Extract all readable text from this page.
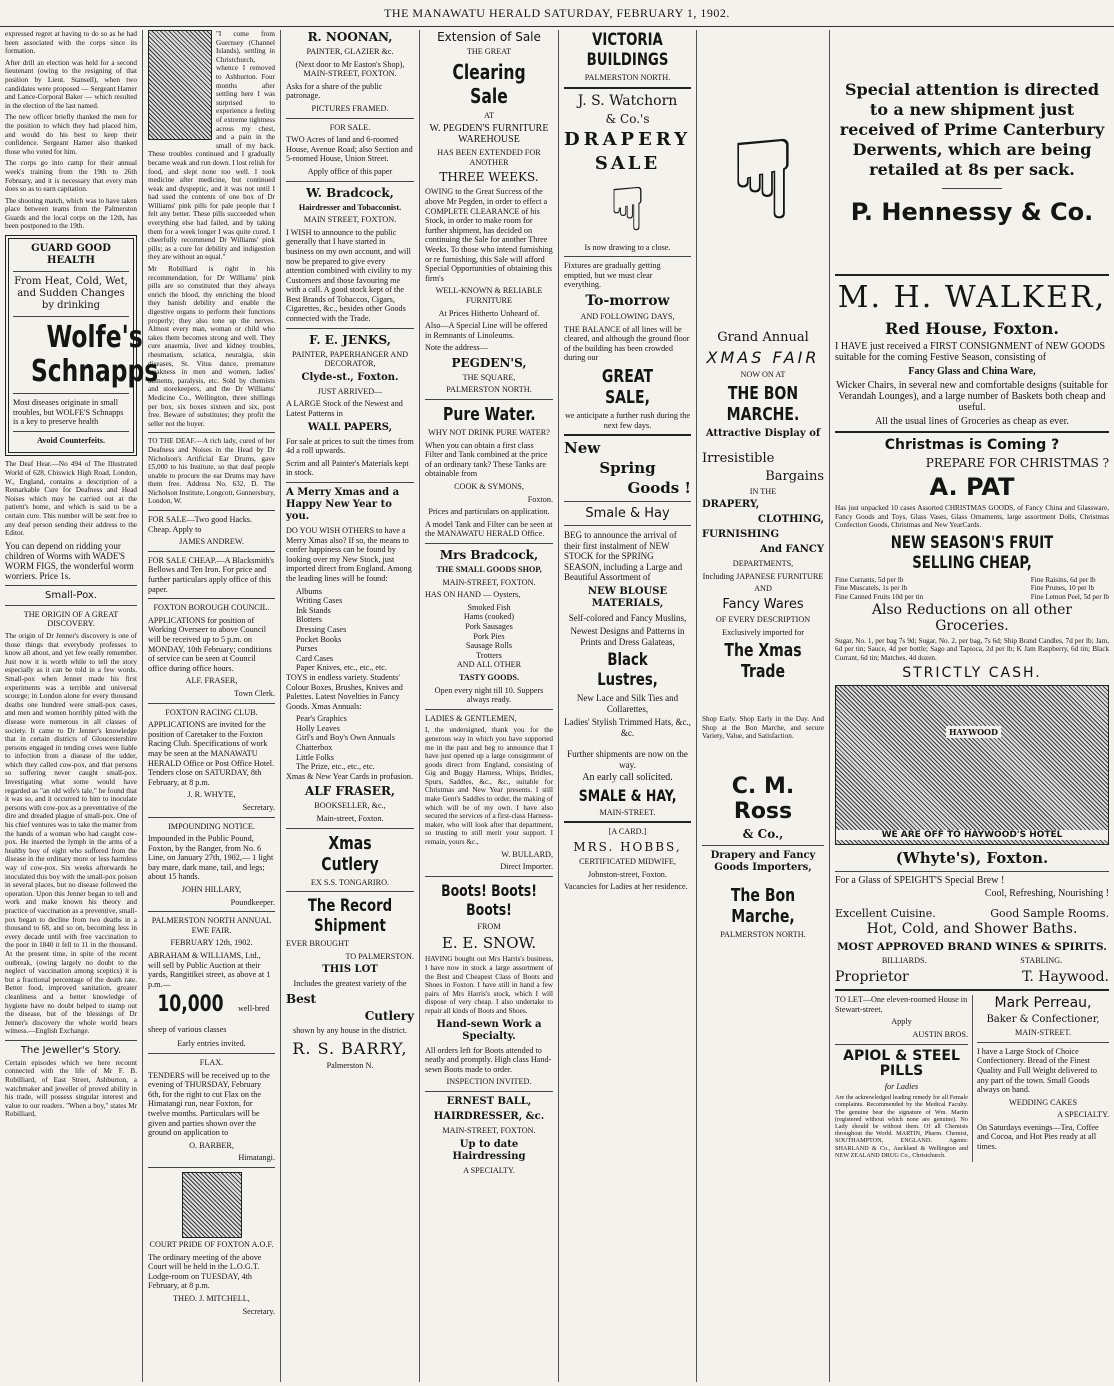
THE MANAWATU HERALD SATURDAY, FEBRUARY 1, 1902.

expressed regret at having to do so as he had been associated with the corps since its formation.

After drill an election was held for a second lieutenant (owing to the resigning of that position by Lieut. Stansell), when two candidates were proposed — Sergeant Hamer and Lance-Corporal Baker — which resulted in the election of the last named.

The new officer briefly thanked the men for the position to which they had placed him, and would do his best to keep their confidence. Sergeant Hamer also thanked those who voted for him.

The corps go into camp for their annual week's training from the 19th to 26th February, and it is necessary that every man does so as to earn capitation.

The shooting match, which was to have taken place between teams from the Palmerston Guards and the local corps on the 12th, has been postponed to the 19th.

GUARD GOOD HEALTH

From Heat, Cold, Wet, and Sudden Changes by drinking

Wolfe's Schnapps

Most diseases originate in small troubles, but WOLFE'S Schnapps is a key to preserve health

Avoid Counterfeits.

The Deaf Hear.—No 494 of The Illustrated World of 628, Chiswick High Road, London, W., England, contains a description of a Remarkable Cure for Deafness and Head Noises which may be carried out at the patient's home, and which is said to be a certain cure. This number will be sent free to any deaf person sending their address to the Editor.

You can depend on ridding your children of Worms with WADE'S WORM FIGS, the wonderful worm worriers. Price 1s.

Small-Pox.

THE ORIGIN OF A GREAT DISCOVERY.

The origin of Dr Jenner's discovery is one of those things that everybody professes to know all about, and yet few really remember. Just now it is worth while to tell the story especially as it can be told in a few words. Small-pox when Jenner made his first experiments was a terrible and universal scourge; in London alone for every thousand deaths one hundred were small-pox cases, and men and women horribly pitted with the disease were numerous in all classes of society. It came to Dr Jenner's knowledge that in certain districts of Gloucestershire persons engaged in tending cows were liable to infection from a disease of the udder, which they called cow-pox, and that persons so suffering never caught small-pox. Investigating what some would have regarded as "an old wife's tale," he found that it was so, and it occurred to him to inoculate persons with cow-pox as a preventative of the dire and dreaded plague of small-pox. One of his chief ventures was to take the matter from the hands of a woman who had caught cow-pox. He inserted the lymph in the arms of a healthy boy of eight who suffered from the disease in the ordinary more or less harmless way of cow-pox. Six weeks afterwards he inoculated this boy with the small-pox poison in several places, but no disease followed the operation. Upon this Jenner began to tell and work and make known his theory and practice of vaccination as a preventive, small-pox began to decline from two deaths in a thousand to 68, and so on, becoming less in every decade until with free vaccination to the poor in 1840 it fell to 11 in the thousand. At the present time, in spite of the recent outbreak, (owing largely no doubt to the neglect of vaccination among sceptics) it is but a fractional percentage of the death rate. Better food, improved sanitation, greater cleanliness and a better knowledge of hygiene have no doubt helped to stamp out the disease, but of the blessings of Dr Jenner's discovery the whole world bears witness.—English Exchange.

The Jeweller's Story.

Certain episodes which we here recount connected with the life of Mr F. B. Robilliard, of East Street, Ashburton, a watchmaker and jeweller of proved ability in his trade, will possess singular interest and value to our readers. "When a boy," states Mr Robilliard,

"I come from Guernsey (Channel Islands), settling in Christchurch, whence I removed to Ashburton. Four months after settling here I was surprised to experience a feeling of extreme tightness across my chest, and a pain in the small of my back. These troubles continued and I gradually became weak and run down. I lost relish for food, and slept none too well. I took medicine after medicine, but continued weak and dyspeptic, and it was not until I had used the contents of one box of Dr Williams' pink pills for pale people that I felt any better. These pills succeeded when everything else had failed, and by taking them for a week longer I was quite cured. I cheerfully recommend Dr Williams' pink pills; as a cure for debility and indigestion they are without an equal."

Mr Robilliard is right in his recommendation, for Dr Williams' pink pills are so constituted that they always enrich the blood, thy enriching the blood they banish debility and enable the digestive organs to perform their functions properly; they also tone up the nerves. Almost every man, woman or child who takes them becomes strong and well. They cure anaemia, liver and kidney troubles, rheumatism, sciatica, neuralgia, skin diseases, St. Vitus dance, premature weakness in men and women, ladies' ailments, paralysis, etc. Sold by chemists and storekeepers, and the Dr Williams' Medicine Co., Wellington, three shillings per box, six boxes sixteen and six, post free. Beware of substitutes; they profit the seller not the buyer.

TO THE DEAF.—A rich lady, cured of her Deafness and Noises in the Head by Dr Nicholson's Artificial Ear Drums, gave £5,000 to his Institute, so that deaf people unable to procure the ear Drums may have them free. Address No. 632, D. The Nicholson Institute, Longcott, Gunnersbury, London, W.

FOR SALE—Two good Hacks. Cheap. Apply to

JAMES ANDREW.

FOR SALE CHEAP.—A Blacksmith's Bellows and Ten Iron. For price and further particulars apply office of this paper.

FOXTON BOROUGH COUNCIL.

APPLICATIONS for position of Working Overseer to above Council will be received up to 5 p.m. on MONDAY, 10th February; conditions of service can be seen at Council office during office hours.

ALF. FRASER,

Town Clerk.

FOXTON RACING CLUB.

APPLICATIONS are invited for the position of Caretaker to the Foxton Racing Club. Specifications of work may be seen at the MANAWATU HERALD Office or Post Office Hotel. Tenders close on SATURDAY, 8th February, at 8 p.m.

J. R. WHYTE,

Secretary.

IMPOUNDING NOTICE.

Impounded in the Public Pound, Foxton, by the Ranger, from No. 6 Line, on January 27th, 1902,— 1 light bay mare, dark mane, tail, and legs; about 15 hands.

JOHN HILLARY,

Poundkeeper.

PALMERSTON NORTH ANNUAL EWE FAIR.

FEBRUARY 12th, 1902.

ABRAHAM & WILLIAMS, Ltd., will sell by Public Auction at their yards, Rangitikei street, as above at 1 p.m.—

10,000 well-bred sheep of various classes

Early entries invited.

FLAX.

TENDERS will be received up to the evening of THURSDAY, February 6th, for the right to cut Flax on the Himatangi run, near Foxton, for twelve months. Particulars will be given and parties shown over the ground on application to

O. BARBER,

Himatangi.

COURT PRIDE OF FOXTON A.O.F.

The ordinary meeting of the above Court will be held in the L.O.G.T. Lodge-room on TUESDAY, 4th February, at 8 p.m.

THEO. J. MITCHELL,

Secretary.

R. NOONAN,

PAINTER, GLAZIER &c.

(Next door to Mr Easton's Shop), MAIN-STREET, FOXTON.

Asks for a share of the public patronage.

PICTURES FRAMED.

FOR SALE.

TWO Acres of land and 6-roomed House, Avenue Road; also Section and 5-roomed House, Union Street.

Apply office of this paper

W. Bradcock,

Hairdresser and Tobacconist.

MAIN STREET, FOXTON.

I WISH to announce to the public generally that I have started in business on my own account, and will now be prepared to give every attention combined with civility to my Customers and those favouring me with a call. A good stock kept of the Best Brands of Tobaccos, Cigars, Cigarettes, &c., besides other Goods connected with the Trade.

F. E. JENKS,

PAINTER, PAPERHANGER AND DECORATOR,

Clyde-st., Foxton.

JUST ARRIVED—

A LARGE Stock of the Newest and Latest Patterns in

WALL PAPERS,

For sale at prices to suit the times from 4d a roll upwards.

Scrim and all Painter's Materials kept in stock.

A Merry Xmas and a Happy New Year to you.

DO YOU WISH OTHERS to have a Merry Xmas also? If so, the means to confer happiness can be found by looking over my New Stock, just imported direct from England. Among the leading lines will be found:

Albums
Writing Cases
Ink Stands
Blotters
Dressing Cases
Pocket Books
Purses
Card Cases
Paper Knives, etc., etc., etc.

TOYS in endless variety. Students' Colour Boxes, Brushes, Knives and Palettes. Latest Novelties in Fancy Goods. Xmas Annuals:

Pear's Graphics
Holly Leaves
Girl's and Boy's Own Annuals
Chatterbox
Little Folks
The Prize, etc., etc., etc.

Xmas & New Year Cards in profusion.

ALF FRASER,

BOOKSELLER, &c.,

Main-street, Foxton.

Xmas Cutlery

EX S.S. TONGARIRO.

The Record Shipment

EVER BROUGHT

TO PALMERSTON.

THIS LOT

Includes the greatest variety of the

Best

Cutlery

shown by any house in the district.

R. S. BARRY,

Palmerston N.

Extension of Sale

THE GREAT

Clearing Sale

AT

W. PEGDEN'S FURNITURE WAREHOUSE

HAS BEEN EXTENDED FOR ANOTHER

THREE WEEKS.

OWING to the Great Success of the above Mr Pegden, in order to effect a COMPLETE CLEARANCE of his Stock, in order to make room for further shipment, has decided on continuing the Sale for another Three Weeks. To those who intend furnishing or re furnishing, this Sale will afford Special Opportunities of obtaining this firm's

WELL-KNOWN & RELIABLE FURNITURE

At Prices Hitherto Unheard of.

Also—A Special Line will be offered in Remnants of Linoleums.

Note the address—

PEGDEN'S,

THE SQUARE,

PALMERSTON NORTH.

Pure Water.

WHY NOT DRINK PURE WATER?

When you can obtain a first class Filter and Tank combined at the price of an ordinary tank? These Tanks are obtainable from

COOK & SYMONS,

Foxton.

Prices and particulars on application.

A model Tank and Filter can be seen at the MANAWATU HERALD Office.

Mrs Bradcock,

THE SMALL GOODS SHOP,

MAIN-STREET, FOXTON.

HAS ON HAND — Oysters,

Smoked Fish
Hams (cooked)
Pork Sausages
Pork Pies
Sausage Rolls
Trotters

AND ALL OTHER

TASTY GOODS.

Open every night till 10. Suppers always ready.

LADIES & GENTLEMEN,

I, the undersigned, thank you for the generous way in which you have supported me in the past and beg to announce that I have just opened up a large consignment of goods direct from England, consisting of Gig and Buggy Harness, Whips, Bridles, Spurs, Saddles, &c., &c., suitable for Christmas and New Year presents. I still make Gent's Saddles to order, the making of which will be of my own. I have also secured the services of a first-class Harness-maker, who will look after that department, so trusting to still merit your support. I remain, yours &c.,

W. BULLARD,

Direct Importer.

Boots! Boots! Boots!

FROM

E. E. SNOW.

HAVING bought out Mrs Harris's business, I have now in stock a large assortment of the Best and Cheapest Class of Boots and Shoes in Foxton. I have still in hand a few pairs of Mrs Harris's stock, which I will dispose of very cheap. I also undertake to repair all kinds of Boots and Shoes.

Hand-sewn Work a Specialty.

All orders left for Boots attended to neatly and promptly. High class Hand-sewn Boots made to order.

INSPECTION INVITED.

ERNEST BALL,

HAIRDRESSER, &c.

MAIN-STREET, FOXTON.

Up to date Hairdressing

A SPECIALTY.

VICTORIA BUILDINGS

PALMERSTON NORTH.

J. S. Watchorn

& Co.'s

DRAPERY

SALE

☟

Is now drawing to a close.

Fixtures are gradually getting emptied, but we must clear everything.

To-morrow

AND FOLLOWING DAYS,

THE BALANCE of all lines will be cleared, and although the ground floor of the building has been crowded during our

GREAT SALE,

we anticipate a further rush during the next few days.

New

Spring

Goods !

Smale & Hay

BEG to announce the arrival of their first instalment of NEW STOCK for the SPRING SEASON, including a Large and Beautiful Assortment of

NEW BLOUSE MATERIALS,

Self-colored and Fancy Muslins,

Newest Designs and Patterns in Prints and Dress Galateas,

Black Lustres,

New Lace and Silk Ties and Collarettes,

Ladies' Stylish Trimmed Hats, &c., &c.

Further shipments are now on the way.

An early call solicited.

SMALE & HAY,

MAIN-STREET.

[A CARD.]

MRS. HOBBS,

CERTIFICATED MIDWIFE,

Johnston-street, Foxton.

Vacancies for Ladies at her residence.

☟

Grand Annual

XMAS FAIR

NOW ON AT

THE BON MARCHE.

Attractive Display of

Irresistible

Bargains

IN THE

DRAPERY,

CLOTHING,

FURNISHING

And FANCY

DEPARTMENTS,

Including JAPANESE FURNITURE

AND

Fancy Wares

OF EVERY DESCRIPTION

Exclusively imported for

The Xmas Trade

Shop Early. Shop Early in the Day. And Shop at the Bon Marche, and secure Variety, Value, and Satisfaction.

C. M. Ross

& Co.,

Drapery and Fancy Goods Importers,

The Bon Marche,

PALMERSTON NORTH.

Special attention is directed to a new shipment just received of Prime Canterbury Derwents, which are being retailed at 8s per sack.

P. Hennessy & Co.

M. H. WALKER,

Red House, Foxton.

I HAVE just received a FIRST CONSIGNMENT of NEW GOODS suitable for the coming Festive Season, consisting of

Fancy Glass and China Ware,

Wicker Chairs, in several new and comfortable designs (suitable for Verandah Lounges), and a large number of Baskets both cheap and useful.

All the usual lines of Groceries as cheap as ever.

Christmas is Coming ?

PREPARE FOR CHRISTMAS ?

A. PAT

Has just unpacked 10 cases Assorted CHRISTMAS GOODS, of Fancy China and Glassware, Fancy Goods and Toys, Glass Vases, Glass Ornaments, large assortment Dolls, Christmas Confection Goods, Christmas and New YearCards.

NEW SEASON'S FRUIT SELLING CHEAP,

Fine Currants, 5d per lb
Fine Muscatels, 1s per lb
Fine Canned Fruits 10d per tin
Fine Raisins, 6d per lb
Fine Prunes, 10 per lb
Fine Lemon Peel, 5d per lb

Also Reductions on all other Groceries.

Sugar, No. 1, per bag 7s 9d; Sugar, No. 2, per bag, 7s 6d; Ship Brand Candles, 7d per lb; Jam, 6d per tin; Sauce, 4d per bottle; Sago and Tapioca, 2d per lb; K Jam Raspberry, 6d tin; Black Currant, 6d tin; Matches, 4d dozen.

STRICTLY CASH.

HAYWOOD
WE ARE OFF TO HAYWOOD'S HOTEL

(Whyte's), Foxton.

For a Glass of SPEIGHT'S Special Brew !

Cool, Refreshing, Nourishing !

Excellent Cuisine.	Good Sample Rooms.

Hot, Cold, and Shower Baths.

MOST APPROVED BRAND WINES & SPIRITS.

BILLIARDS.	STABLING.
Proprietor	T. Haywood.

TO LET—One eleven-roomed House in Stewart-street.

Apply

AUSTIN BROS.

APIOL & STEEL PILLS

for Ladies

Are the acknowledged leading remedy for all Female complaints. Recommended by the Medical Faculty. The genuine bear the signature of Wm. Martin (registered without which none are genuine). No Lady should be without them. Of all Chemists throughout the World. MARTIN, Pharm. Chemist, SOUTHAMPTON, ENGLAND. Agents: SHARLAND & Co., Auckland & Wellington and NEW ZEALAND DRUG Co., Christchurch.

Mark Perreau,

Baker & Confectioner,

MAIN-STREET.

I have a Large Stock of Choice Confectionery. Bread of the Finest Quality and Full Weight delivered to any part of the town. Small Goods always on hand.

WEDDING CAKES

A SPECIALTY.

On Saturdays evenings—Tea, Coffee and Cocoa, and Hot Pies ready at all times.
